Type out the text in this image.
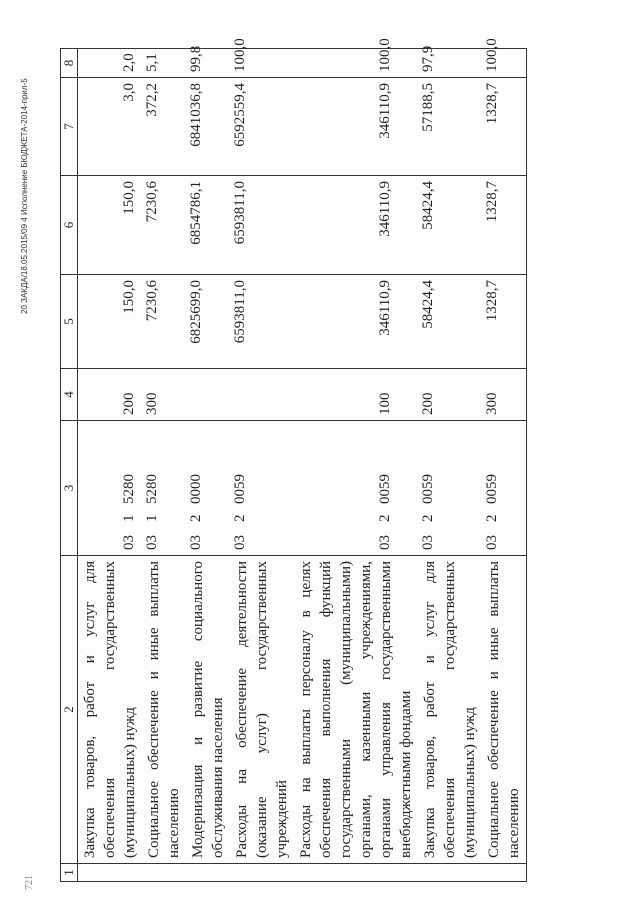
721
1	2	3	4	5	6	7	8
	Закупка товаров, работ и услуг для обеспечения государственных (муниципальных) нужд	0315280	200	150,0	150,0	3,0	2,0
	Социальное обеспечение и иные выплаты населению	0315280	300	7230,6	7230,6	372,2	5,1
	Модернизация и развитие социального обслуживания населения	0320000		6825699,0	6854786,1	6841036,8	99,8
	Расходы на обеспечение деятельности (оказание услуг) государственных учреждений	0320059		6593811,0	6593811,0	6592559,4	100,0
	Расходы на выплаты персоналу в целях обеспечения выполнения функций государственными (муниципальными) органами, казенными учреждениями, органами управления государственными внебюджетными фондами	0320059	100	346110,9	346110,9	346110,9	100,0
	Закупка товаров, работ и услуг для обеспечения государственных (муниципальных) нужд	0320059	200	58424,4	58424,4	57188,5	97,9
	Социальное обеспечение и иные выплаты населению	0320059	300	1328,7	1328,7	1328,7	100,0
20 ЗАКДА/18.05.2015/09 4 Исполнение БЮДЖЕТА-2014-прил-5
